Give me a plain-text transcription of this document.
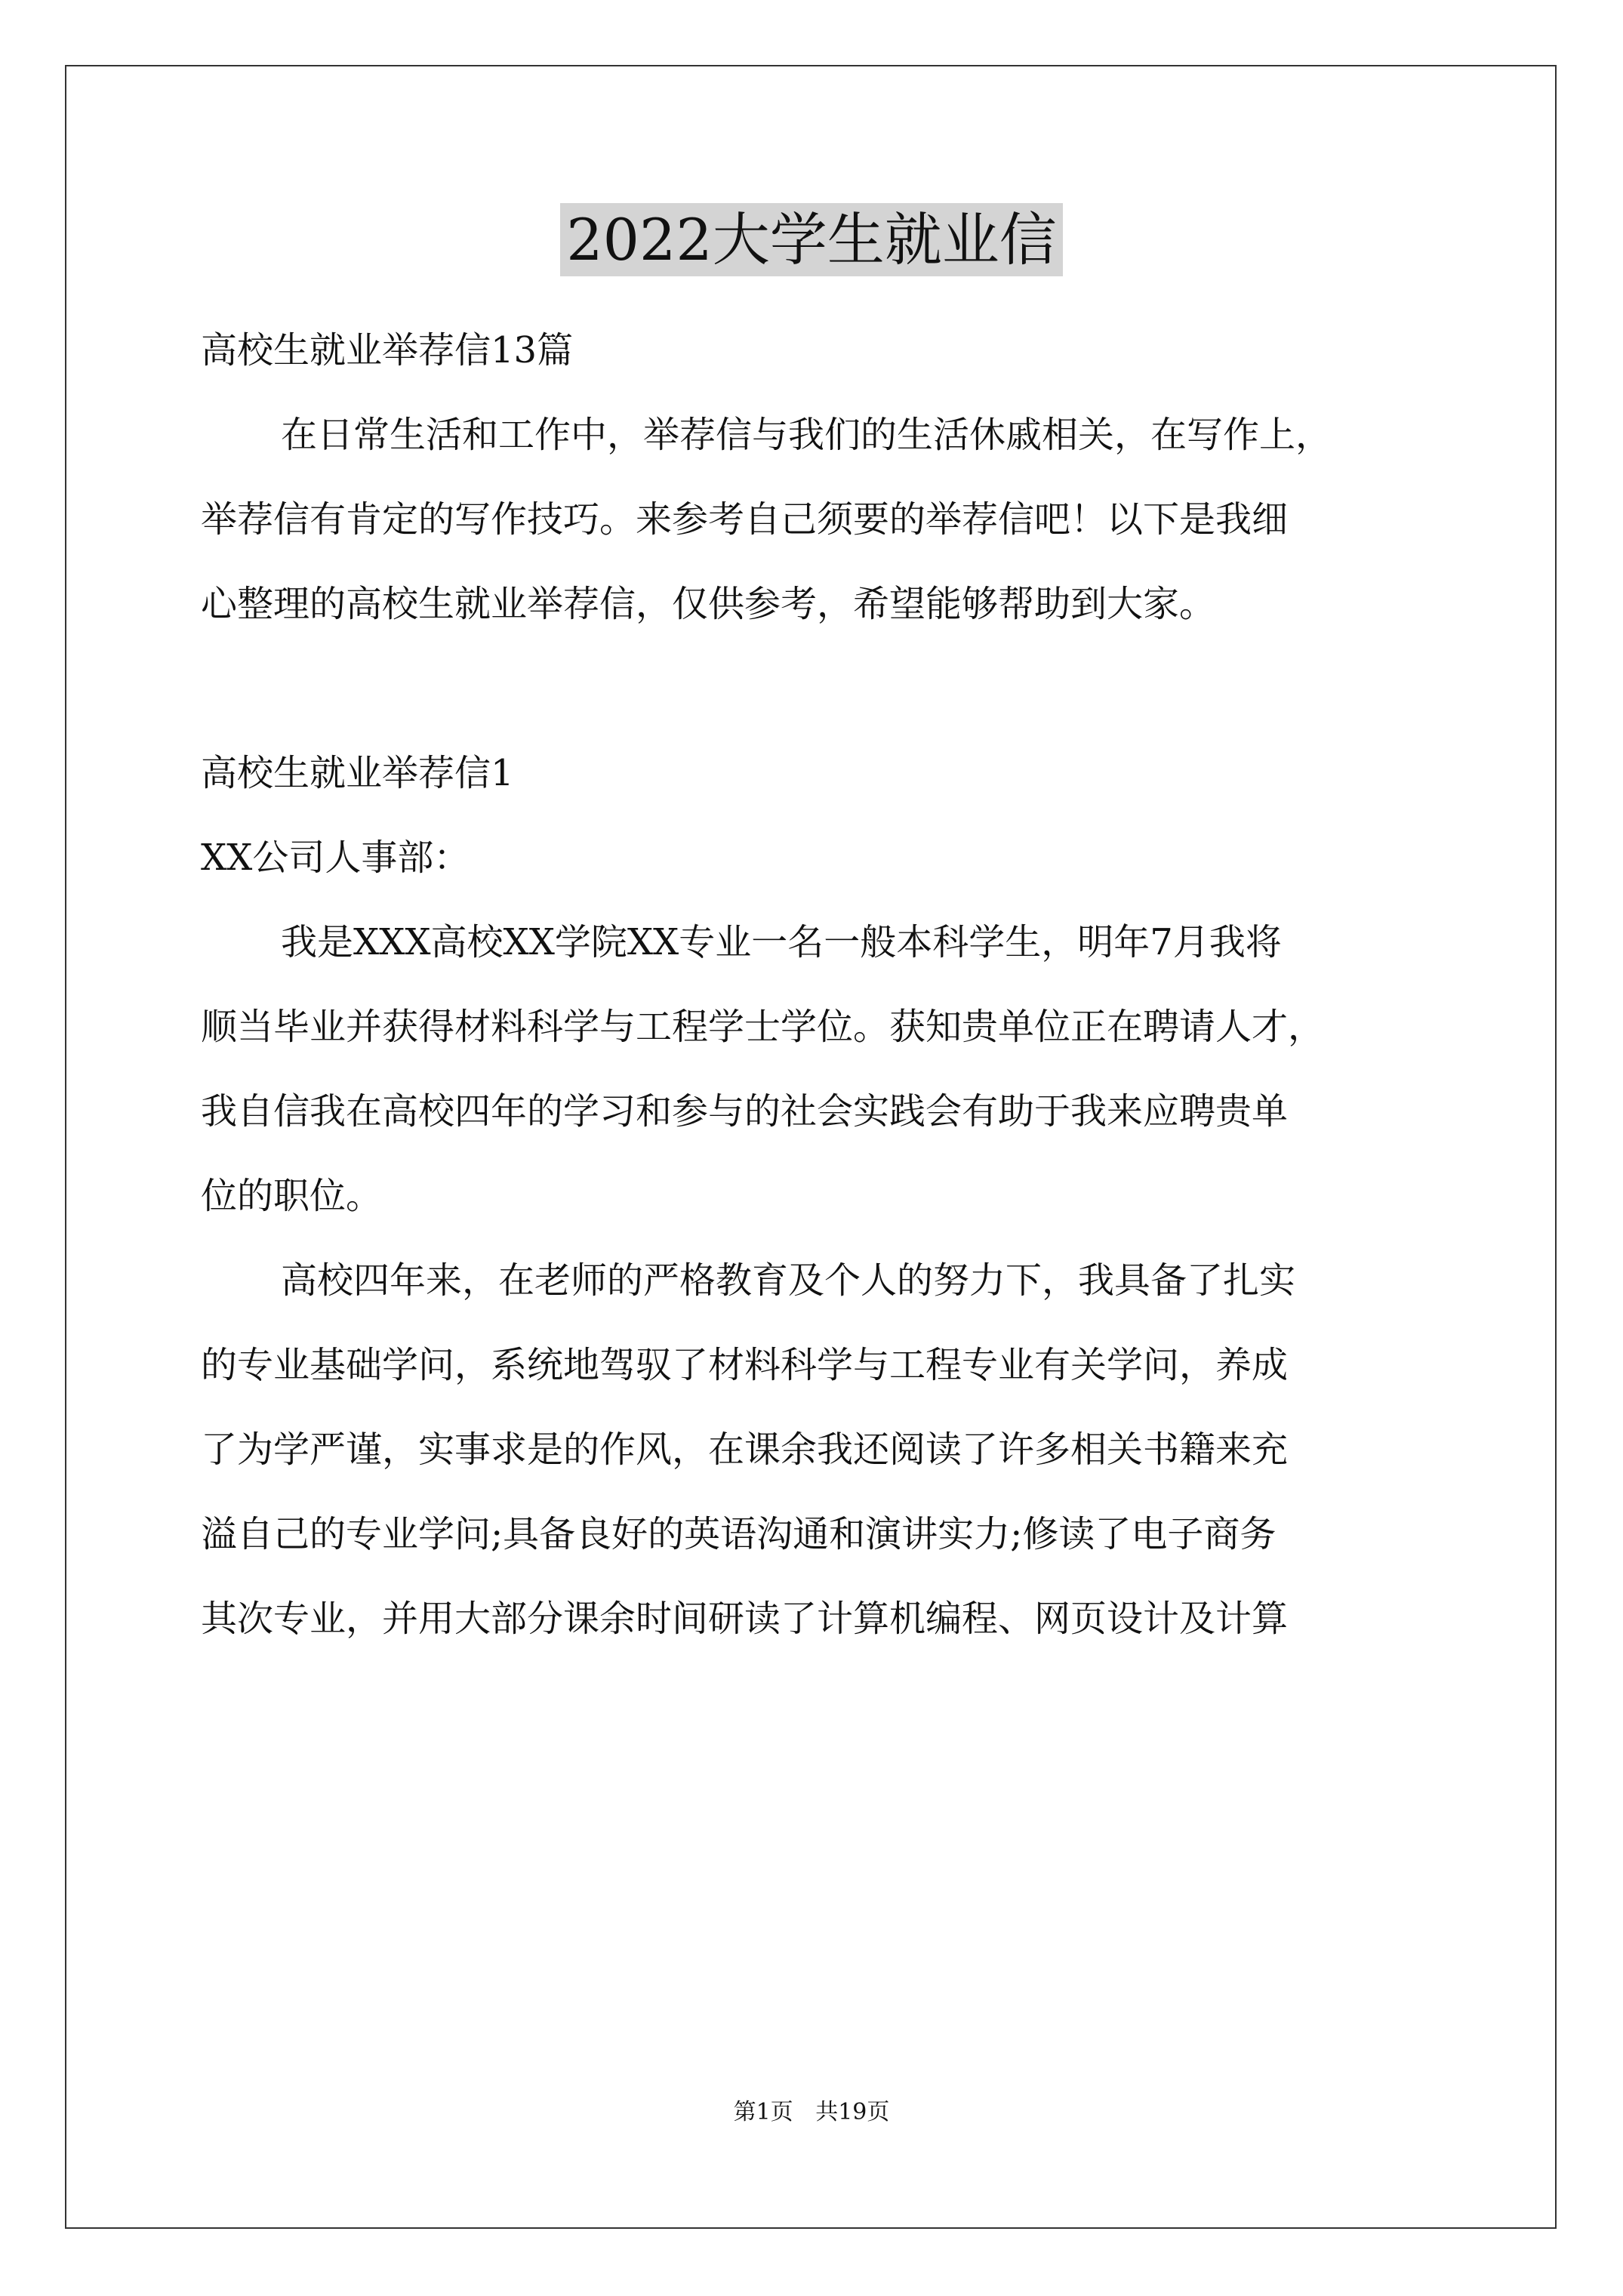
2022大学生就业信
高校生就业举荐信13篇
在日常生活和工作中，举荐信与我们的生活休戚相关，在写作上，
举荐信有肯定的写作技巧。来参考自己须要的举荐信吧！以下是我细
心整理的高校生就业举荐信，仅供参考，希望能够帮助到大家。
高校生就业举荐信1
XX公司人事部：
我是XXX高校XX学院XX专业一名一般本科学生，明年7月我将
顺当毕业并获得材料科学与工程学士学位。获知贵单位正在聘请人才，
我自信我在高校四年的学习和参与的社会实践会有助于我来应聘贵单
位的职位。
高校四年来，在老师的严格教育及个人的努力下，我具备了扎实
的专业基础学问，系统地驾驭了材料科学与工程专业有关学问，养成
了为学严谨，实事求是的作风，在课余我还阅读了许多相关书籍来充
溢自己的专业学问;具备良好的英语沟通和演讲实力;修读了电子商务
其次专业，并用大部分课余时间研读了计算机编程、网页设计及计算
第1页 共19页
